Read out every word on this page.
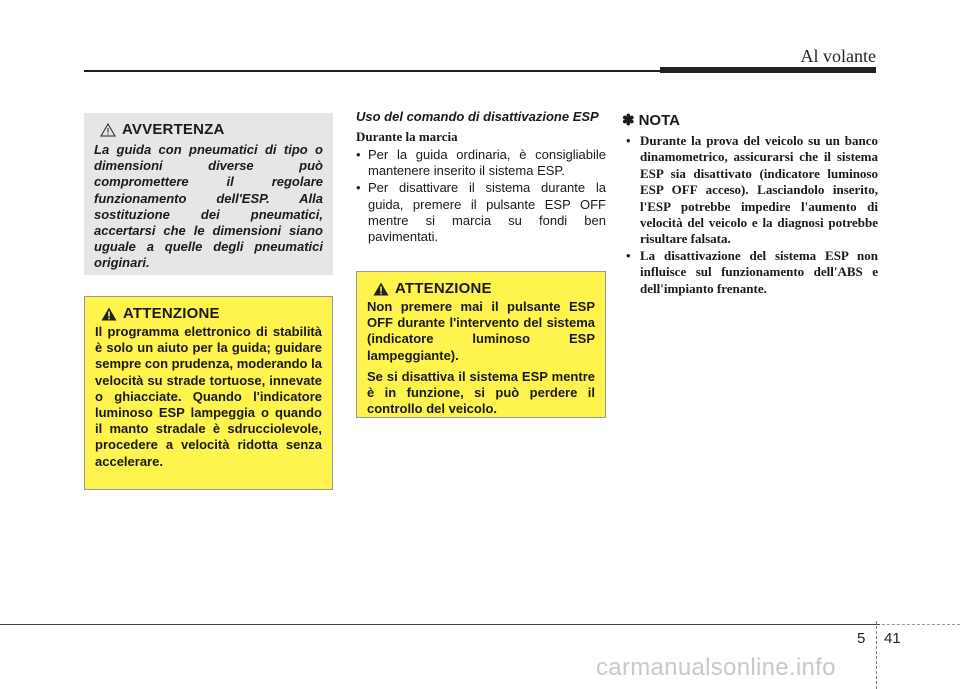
Al volante
AVVERTENZA
La guida con pneumatici di tipo o dimensioni diverse può compromettere il regolare funzionamento dell'ESP. Alla sostituzione dei pneumatici, accertarsi che le dimensioni siano uguale a quelle degli pneumatici originari.
ATTENZIONE

Il programma elettronico di stabilità è solo un aiuto per la guida; guidare sempre con prudenza, moderando la velocità su strade tortuose, innevate o ghiacciate. Quando l'indicatore luminoso ESP lampeggia o quando il manto stradale è sdrucciolevole, procedere a velocità ridotta senza accelerare.

Uso del comando di disattivazione ESP

Durante la marcia
• Per la guida ordinaria, è consigliabile mantenere inserito il sistema ESP.
• Per disattivare il sistema durante la guida, premere il pulsante ESP OFF mentre si marcia su fondi ben pavimentati.
ATTENZIONE

Non premere mai il pulsante ESP OFF durante l'intervento del sistema (indicatore luminoso ESP lampeggiante).

Se si disattiva il sistema ESP mentre è in funzione, si può perdere il controllo del veicolo.

✽ NOTA
• Durante la prova del veicolo su un banco dinamometrico, assicurarsi che il sistema ESP sia disattivato (indicatore luminoso ESP OFF acceso). Lasciandolo inserito, l'ESP potrebbe impedire l'aumento di velocità del veicolo e la diagnosi potrebbe risultare falsata.
• La disattivazione del sistema ESP non influisce sul funzionamento dell'ABS e dell'impianto frenante.
5 41
carmanualsonline.info
